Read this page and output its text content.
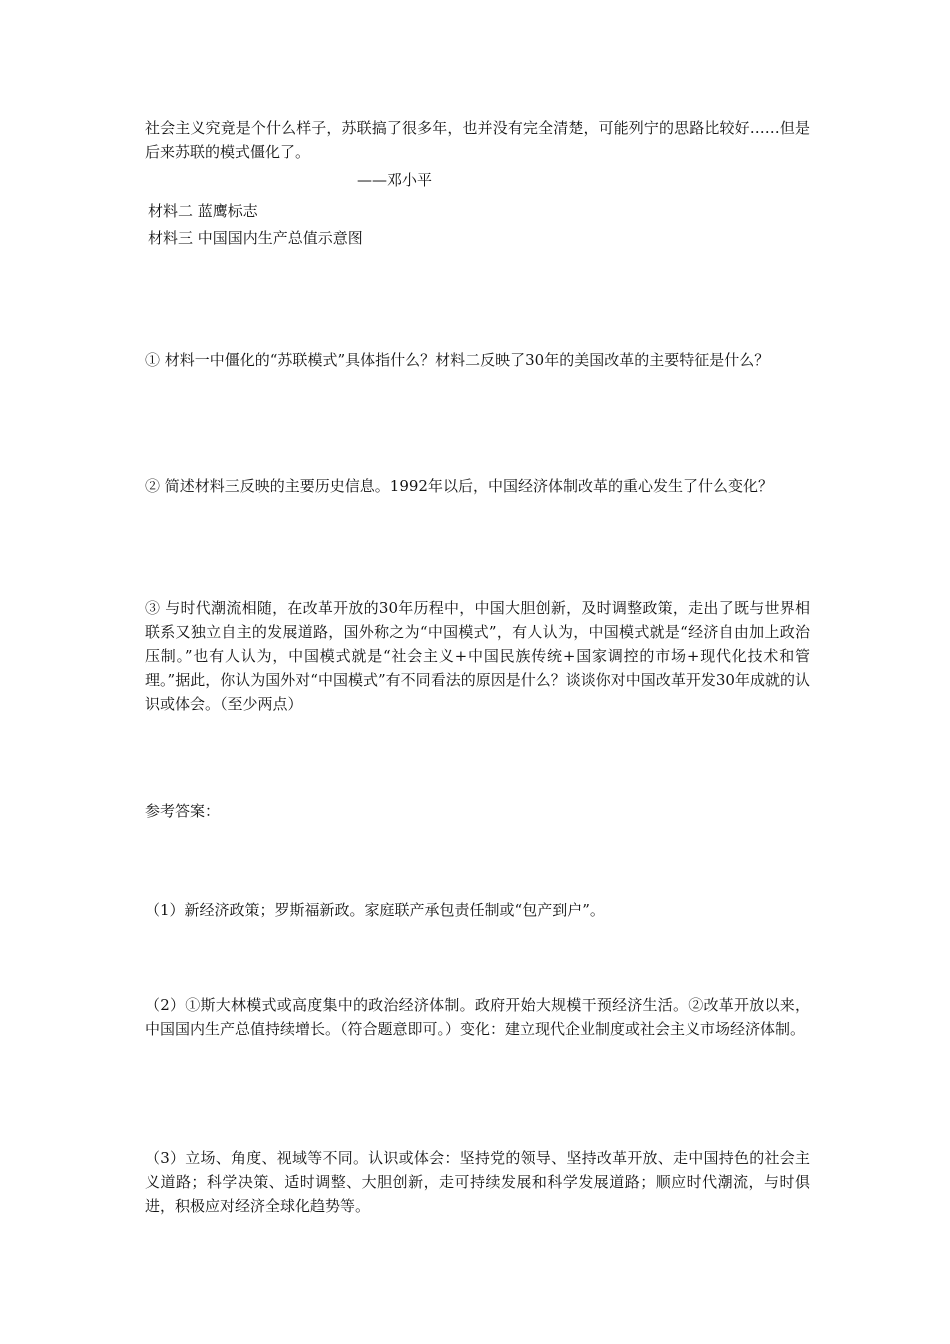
社会主义究竟是个什么样子，苏联搞了很多年，也并没有完全清楚，可能列宁的思路比较好……但是后来苏联的模式僵化了。

——邓小平
材料二 蓝鹰标志
材料三 中国国内生产总值示意图

① 材料一中僵化的“苏联模式”具体指什么？材料二反映了30年的美国改革的主要特征是什么？

② 简述材料三反映的主要历史信息。1992年以后，中国经济体制改革的重心发生了什么变化？

③ 与时代潮流相随，在改革开放的30年历程中，中国大胆创新，及时调整政策，走出了既与世界相联系又独立自主的发展道路，国外称之为“中国模式”，有人认为，中国模式就是“经济自由加上政治压制。”也有人认为，中国模式就是“社会主义+中国民族传统+国家调控的市场+现代化技术和管理。”据此，你认为国外对“中国模式”有不同看法的原因是什么？谈谈你对中国改革开发30年成就的认识或体会。（至少两点）

参考答案：

（1）新经济政策；罗斯福新政。家庭联产承包责任制或“包产到户”。

（2）①斯大林模式或高度集中的政治经济体制。政府开始大规模干预经济生活。②改革开放以来，中国国内生产总值持续增长。（符合题意即可。）变化：建立现代企业制度或社会主义市场经济体制。

（3）立场、角度、视域等不同。认识或体会：坚持党的领导、坚持改革开放、走中国持色的社会主义道路；科学决策、适时调整、大胆创新，走可持续发展和科学发展道路；顺应时代潮流，与时俱进，积极应对经济全球化趋势等。
